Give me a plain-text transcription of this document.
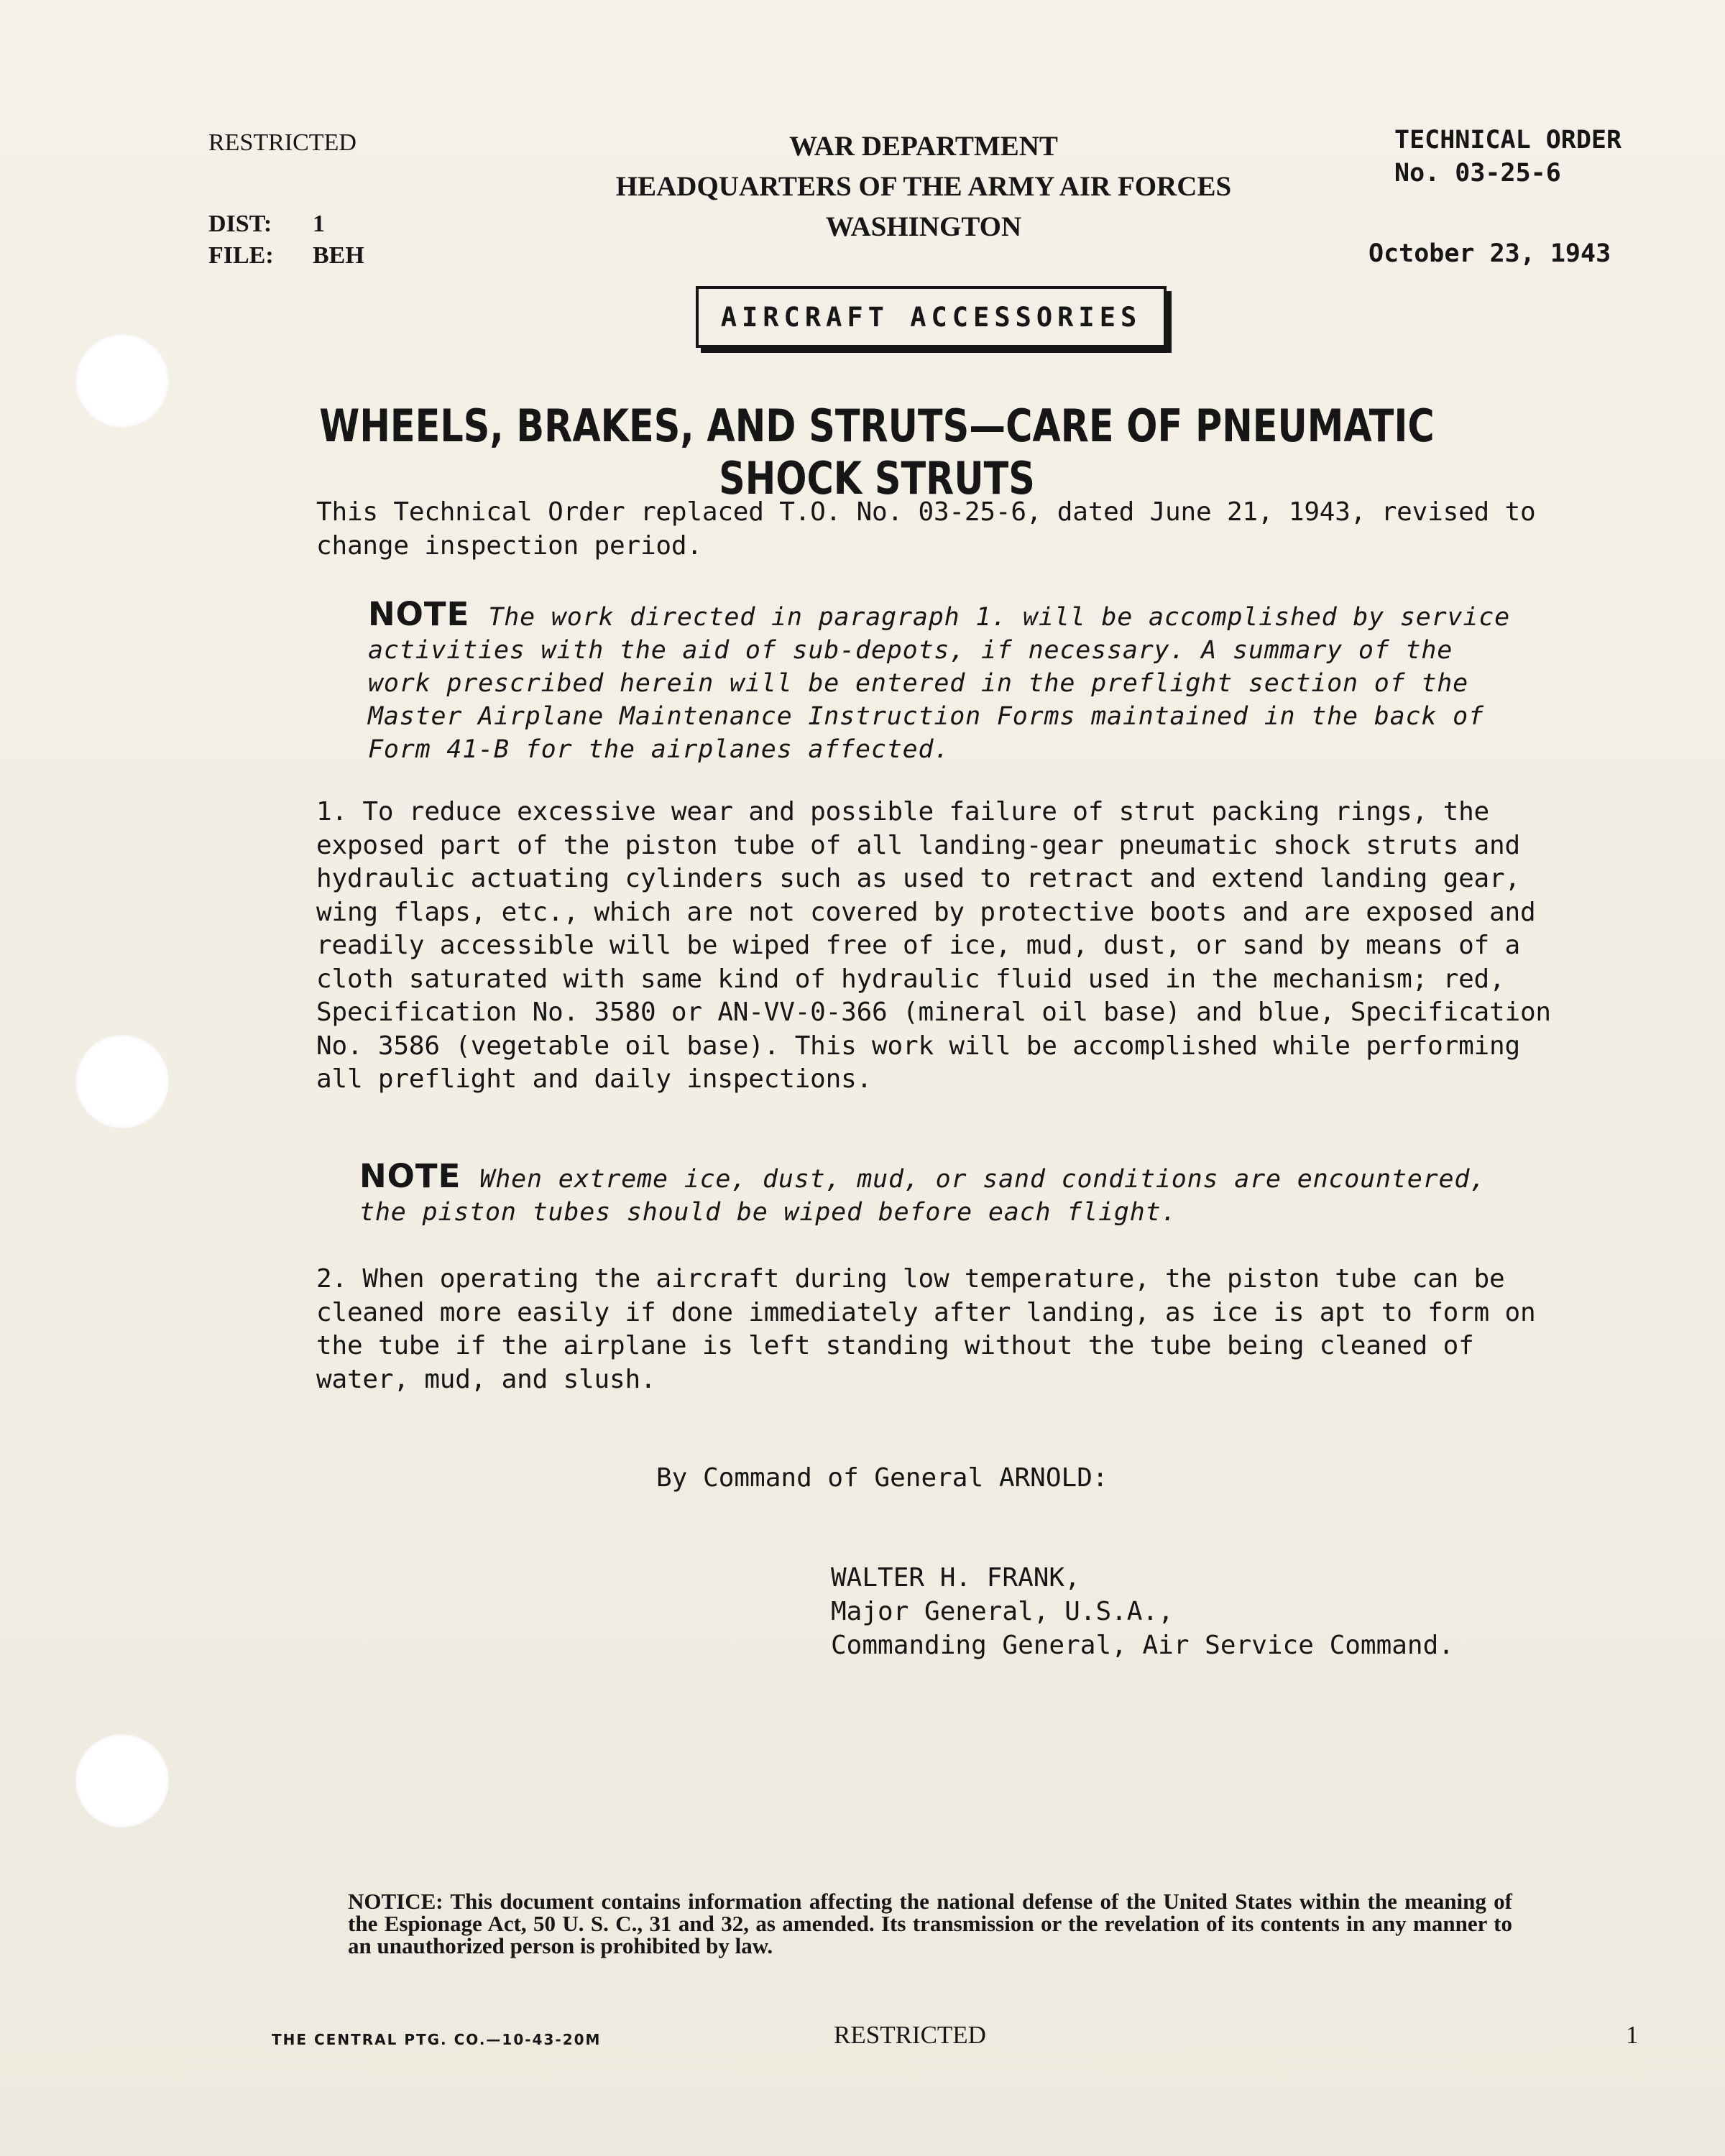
RESTRICTED
DIST:	1
FILE:	BEH
WAR DEPARTMENT
HEADQUARTERS OF THE ARMY AIR FORCES
WASHINGTON
TECHNICAL ORDER
No. 03-25-6
October 23, 1943
AIRCRAFT ACCESSORIES
WHEELS, BRAKES, AND STRUTS—CARE OF PNEUMATIC SHOCK STRUTS
This Technical Order replaced T.O. No. 03-25-6, dated June 21, 1943, revised to change inspection period.
NOTE The work directed in paragraph 1. will be accomplished by service activities with the aid of sub-depots, if necessary. A summary of the work prescribed herein will be entered in the preflight section of the Master Airplane Maintenance Instruction Forms maintained in the back of Form 41-B for the airplanes affected.
1. To reduce excessive wear and possible failure of strut packing rings, the exposed part of the piston tube of all landing-gear pneumatic shock struts and hydraulic actuating cylinders such as used to retract and extend landing gear, wing flaps, etc., which are not covered by protective boots and are exposed and readily accessible will be wiped free of ice, mud, dust, or sand by means of a cloth saturated with same kind of hydraulic fluid used in the mechanism; red, Specification No. 3580 or AN-VV-0-366 (mineral oil base) and blue, Specification No. 3586 (vegetable oil base). This work will be accomplished while performing all preflight and daily inspections.
NOTE When extreme ice, dust, mud, or sand conditions are encountered, the piston tubes should be wiped before each flight.
2. When operating the aircraft during low temperature, the piston tube can be cleaned more easily if done immediately after landing, as ice is apt to form on the tube if the airplane is left standing without the tube being cleaned of water, mud, and slush.
By Command of General ARNOLD:
WALTER H. FRANK,
Major General, U.S.A.,
Commanding General, Air Service Command.
NOTICE: This document contains information affecting the national defense of the United States within the meaning of the Espionage Act, 50 U. S. C., 31 and 32, as amended. Its transmission or the revelation of its contents in any manner to an unauthorized person is prohibited by law.
THE CENTRAL PTG. CO.—10-43-20M	RESTRICTED	1
